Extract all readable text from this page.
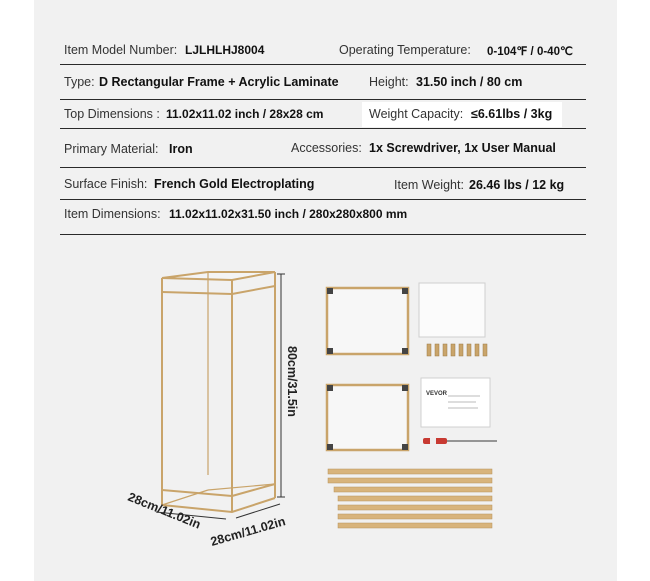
Item Model Number: LJLHLHJ8004	Operating Temperature: 0-104℉ / 0-40℃
Type: D Rectangular Frame + Acrylic Laminate Height: 31.50 inch / 80 cm
Top Dimensions : 11.02x11.02 inch / 28x28 cm	Weight Capacity: ≤6.61lbs / 3kg
Primary Material: Iron	Accessories: 1x Screwdriver, 1x User Manual
Surface Finish: French Gold Electroplating	Item Weight: 26.46 lbs / 12 kg
Item Dimensions: 11.02x11.02x31.50 inch / 280x280x800 mm
80cm/31.5in
28cm/11.02in 28cm/11.02in
VEVOR
